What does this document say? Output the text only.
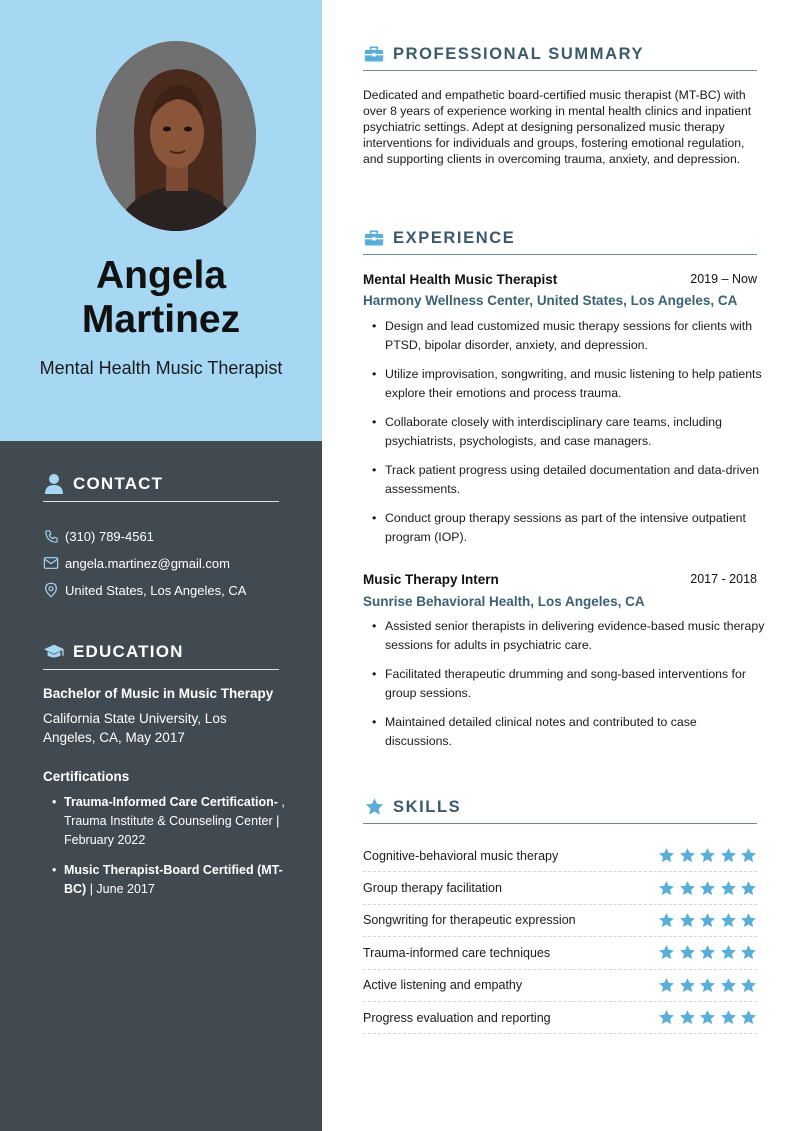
Angela
Martinez
Mental Health Music Therapist
CONTACT
(310) 789-4561
angela.martinez@gmail.com
United States, Los Angeles, CA
EDUCATION
Bachelor of Music in Music Therapy
California State University, Los Angeles, CA, May 2017
Certifications
• Trauma-Informed Care Certification- , Trauma Institute & Counseling Center | February 2022
• Music Therapist-Board Certified (MT-BC) | June 2017
PROFESSIONAL SUMMARY
Dedicated and empathetic board-certified music therapist (MT-BC) with over 8 years of experience working in mental health clinics and inpatient psychiatric settings. Adept at designing personalized music therapy interventions for individuals and groups, fostering emotional regulation, and supporting clients in overcoming trauma, anxiety, and depression.
EXPERIENCE
Mental Health Music Therapist	2019 – Now
Harmony Wellness Center, United States, Los Angeles, CA
• Design and lead customized music therapy sessions for clients with PTSD, bipolar disorder, anxiety, and depression.
• Utilize improvisation, songwriting, and music listening to help patients explore their emotions and process trauma.
• Collaborate closely with interdisciplinary care teams, including psychiatrists, psychologists, and case managers.
• Track patient progress using detailed documentation and data-driven assessments.
• Conduct group therapy sessions as part of the intensive outpatient program (IOP).
Music Therapy Intern	2017 - 2018
Sunrise Behavioral Health, Los Angeles, CA
• Assisted senior therapists in delivering evidence-based music therapy sessions for adults in psychiatric care.
• Facilitated therapeutic drumming and song-based interventions for group sessions.
• Maintained detailed clinical notes and contributed to case discussions.
SKILLS
Cognitive-behavioral music therapy
Group therapy facilitation
Songwriting for therapeutic expression
Trauma-informed care techniques
Active listening and empathy
Progress evaluation and reporting
